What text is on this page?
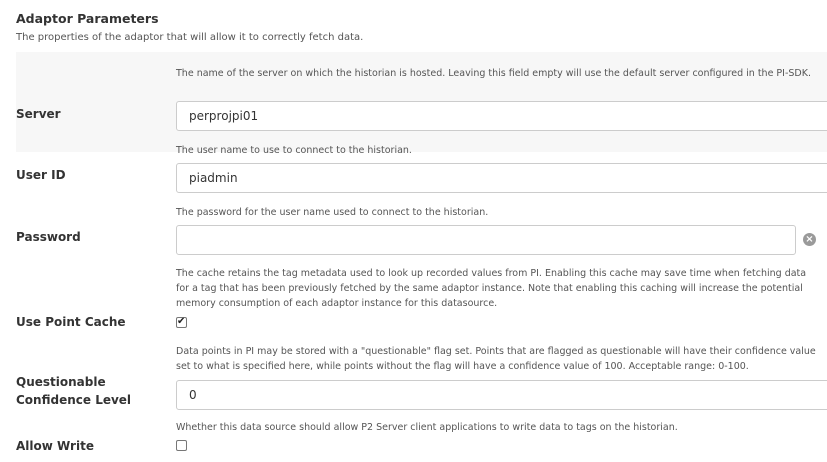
Adaptor Parameters
The properties of the adaptor that will allow it to correctly fetch data.
The name of the server on which the historian is hosted. Leaving this field empty will use the default server configured in the PI-SDK.
Server
perprojpi01
The user name to use to connect to the historian.
User ID
piadmin
The password for the user name used to connect to the historian.
Password	×
The cache retains the tag metadata used to look up recorded values from PI. Enabling this cache may save time when fetching data for a tag that has been previously fetched by the same adaptor instance. Note that enabling this caching will increase the potential memory consumption of each adaptor instance for this datasource.
Use Point Cache	✔
Data points in PI may be stored with a "questionable" flag set. Points that are flagged as questionable will have their confidence value set to what is specified here, while points without the flag will have a confidence value of 100. Acceptable range: 0-100.
Questionable
Confidence Level
0
Whether this data source should allow P2 Server client applications to write data to tags on the historian.
Allow Write
